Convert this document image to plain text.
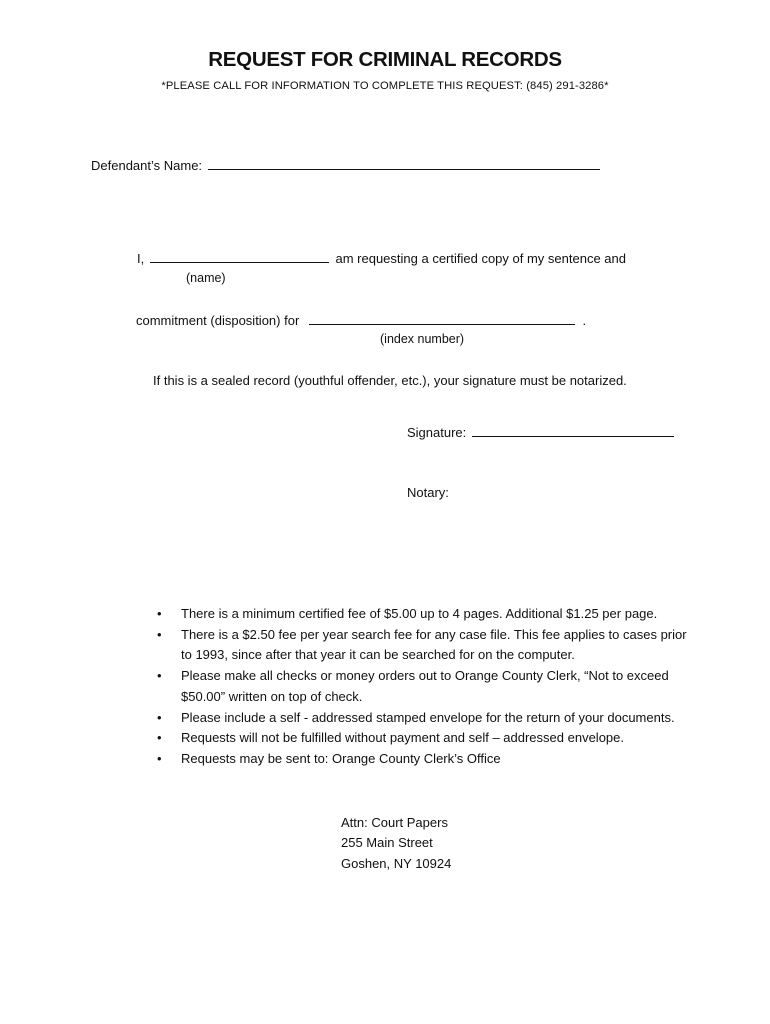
REQUEST FOR CRIMINAL RECORDS
*PLEASE CALL FOR INFORMATION TO COMPLETE THIS REQUEST: (845) 291-3286*
Defendant’s Name:
I,	am requesting a certified copy of my sentence and
(name)
commitment (disposition) for	.
(index number)
If this is a sealed record (youthful offender, etc.), your signature must be notarized.
Signature:
Notary:
• There is a minimum certified fee of $5.00 up to 4 pages. Additional $1.25 per page.
• There is a $2.50 fee per year search fee for any case file. This fee applies to cases prior to 1993, since after that year it can be searched for on the computer.
• Please make all checks or money orders out to Orange County Clerk, “Not to exceed $50.00” written on top of check.
• Please include a self - addressed stamped envelope for the return of your documents.
• Requests will not be fulfilled without payment and self – addressed envelope.
• Requests may be sent to: Orange County Clerk’s Office
Attn: Court Papers
255 Main Street
Goshen, NY 10924
